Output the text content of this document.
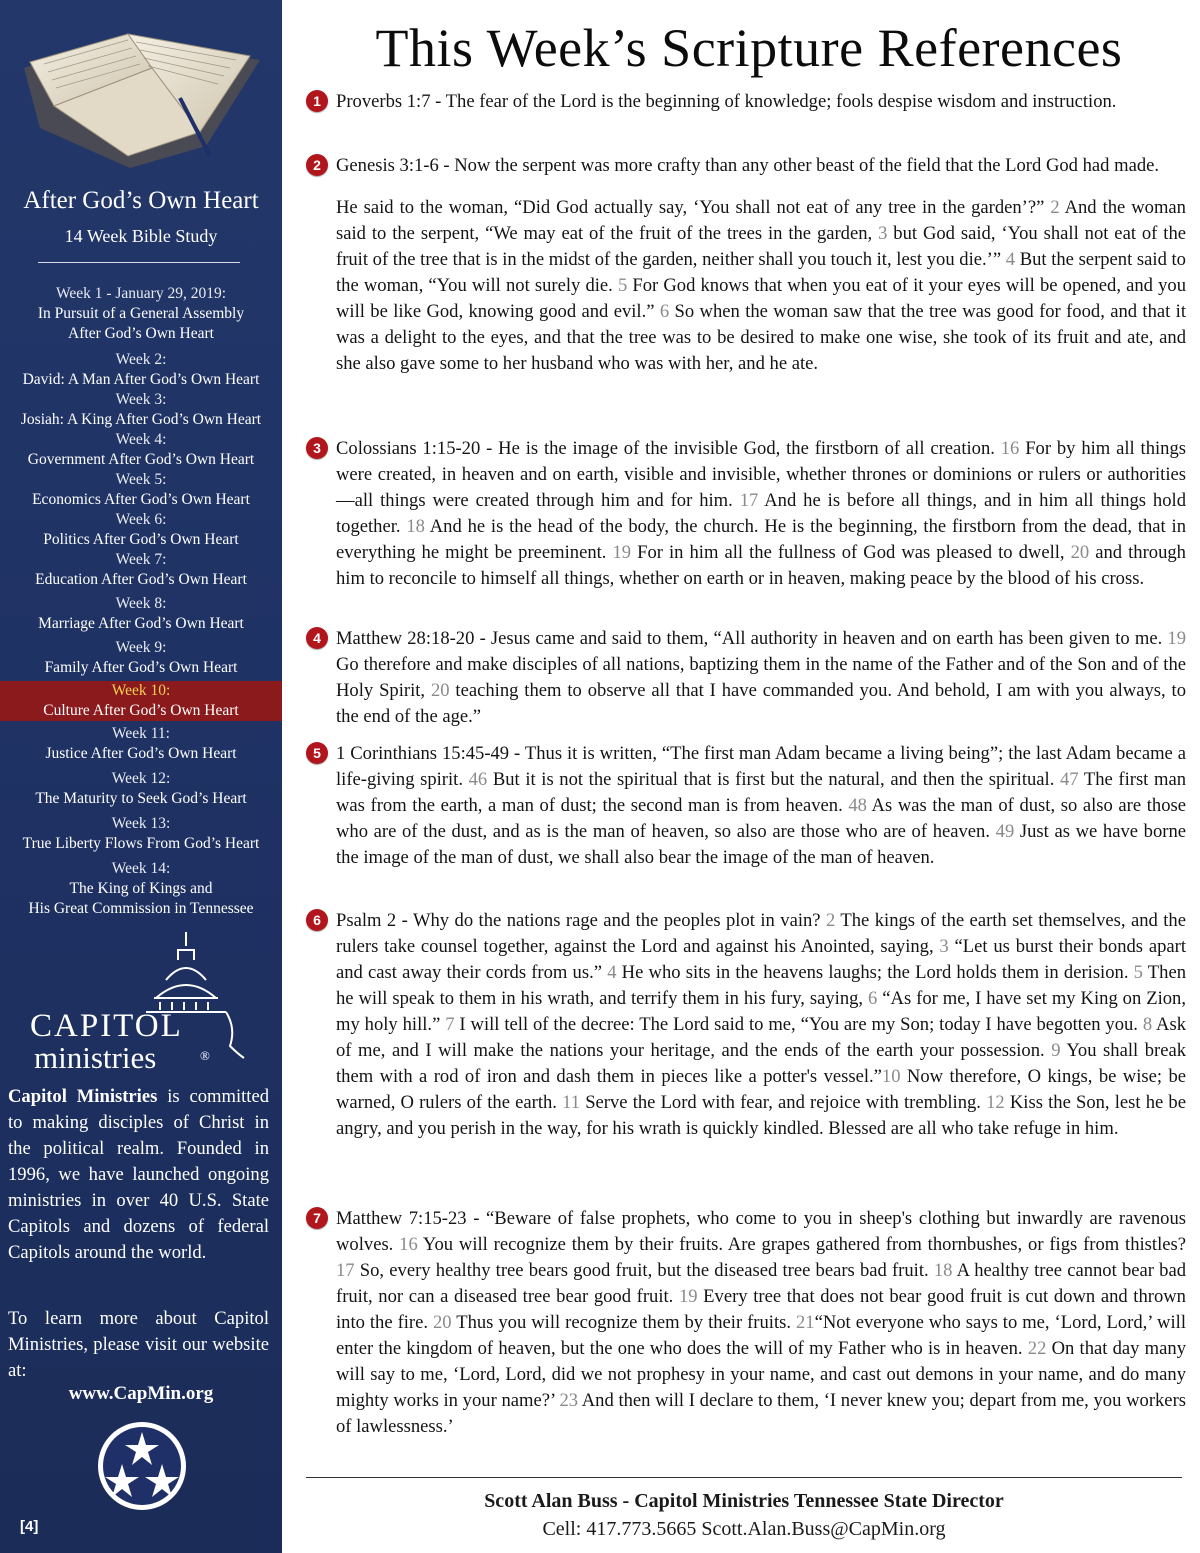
After God’s Own Heart
14 Week Bible Study
Week 1 - January 29, 2019:
In Pursuit of a General Assembly
After God’s Own Heart
Week 2:
David: A Man After God’s Own Heart
Week 3:
Josiah: A King After God’s Own Heart
Week 4:
Government After God’s Own Heart
Week 5:
Economics After God’s Own Heart
Week 6:
Politics After God’s Own Heart
Week 7:
Education After God’s Own Heart
Week 8:
Marriage After God’s Own Heart
Week 9:
Family After God’s Own Heart
Week 10:
Culture After God’s Own Heart
Week 11:
Justice After God’s Own Heart
Week 12:
The Maturity to Seek God’s Heart
Week 13:
True Liberty Flows From God’s Heart
Week 14:
The King of Kings and
His Great Commission in Tennessee
CAPITOL
ministries	®
Capitol Ministries is committed to making disciples of Christ in the political realm. Founded in 1996, we have launched ongoing ministries in over 40 U.S. State Capitols and dozens of federal Capitols around the world.
To learn more about Capitol Ministries, please visit our website at:
www.CapMin.org
[4]
This Week’s Scripture References
1 Proverbs 1:7 - The fear of the Lord is the beginning of knowledge; fools despise wisdom and instruction.

2 Genesis 3:1-6 - Now the serpent was more crafty than any other beast of the field that the Lord God had made.

He said to the woman, “Did God actually say, ‘You shall not eat of any tree in the garden’?” 2 And the woman said to the serpent, “We may eat of the fruit of the trees in the garden, 3 but God said, ‘You shall not eat of the fruit of the tree that is in the midst of the garden, neither shall you touch it, lest you die.’” 4 But the serpent said to the woman, “You will not surely die. 5 For God knows that when you eat of it your eyes will be opened, and you will be like God, knowing good and evil.” 6 So when the woman saw that the tree was good for food, and that it was a delight to the eyes, and that the tree was to be desired to make one wise, she took of its fruit and ate, and she also gave some to her husband who was with her, and he ate.

3 Colossians 1:15-20 - He is the image of the invisible God, the firstborn of all creation. 16 For by him all things were created, in heaven and on earth, visible and invisible, whether thrones or dominions or rulers or authorities—all things were created through him and for him. 17 And he is before all things, and in him all things hold together. 18 And he is the head of the body, the church. He is the beginning, the firstborn from the dead, that in everything he might be preeminent. 19 For in him all the fullness of God was pleased to dwell, 20 and through him to reconcile to himself all things, whether on earth or in heaven, making peace by the blood of his cross.

4 Matthew 28:18-20 - Jesus came and said to them, “All authority in heaven and on earth has been given to me. 19 Go therefore and make disciples of all nations, baptizing them in the name of the Father and of the Son and of the Holy Spirit, 20 teaching them to observe all that I have commanded you. And behold, I am with you always, to the end of the age.”

5 1 Corinthians 15:45-49 - Thus it is written, “The first man Adam became a living being”; the last Adam became a life-giving spirit. 46 But it is not the spiritual that is first but the natural, and then the spiritual. 47 The first man was from the earth, a man of dust; the second man is from heaven. 48 As was the man of dust, so also are those who are of the dust, and as is the man of heaven, so also are those who are of heaven. 49 Just as we have borne the image of the man of dust, we shall also bear the image of the man of heaven.

6 Psalm 2 - Why do the nations rage and the peoples plot in vain? 2 The kings of the earth set themselves, and the rulers take counsel together, against the Lord and against his Anointed, saying, 3 “Let us burst their bonds apart and cast away their cords from us.” 4 He who sits in the heavens laughs; the Lord holds them in derision. 5 Then he will speak to them in his wrath, and terrify them in his fury, saying, 6 “As for me, I have set my King on Zion, my holy hill.” 7 I will tell of the decree: The Lord said to me, “You are my Son; today I have begotten you. 8 Ask of me, and I will make the nations your heritage, and the ends of the earth your possession. 9 You shall break them with a rod of iron and dash them in pieces like a potter's vessel.”10 Now therefore, O kings, be wise; be warned, O rulers of the earth. 11 Serve the Lord with fear, and rejoice with trembling. 12 Kiss the Son, lest he be angry, and you perish in the way, for his wrath is quickly kindled. Blessed are all who take refuge in him.

7 Matthew 7:15-23 - “Beware of false prophets, who come to you in sheep's clothing but inwardly are ravenous wolves. 16 You will recognize them by their fruits. Are grapes gathered from thornbushes, or figs from thistles? 17 So, every healthy tree bears good fruit, but the diseased tree bears bad fruit. 18 A healthy tree cannot bear bad fruit, nor can a diseased tree bear good fruit. 19 Every tree that does not bear good fruit is cut down and thrown into the fire. 20 Thus you will recognize them by their fruits. 21“Not everyone who says to me, ‘Lord, Lord,’ will enter the kingdom of heaven, but the one who does the will of my Father who is in heaven. 22 On that day many will say to me, ‘Lord, Lord, did we not prophesy in your name, and cast out demons in your name, and do many mighty works in your name?’ 23 And then will I declare to them, ‘I never knew you; depart from me, you workers of lawlessness.’

Scott Alan Buss - Capitol Ministries Tennessee State Director
Cell: 417.773.5665 Scott.Alan.Buss@CapMin.org
